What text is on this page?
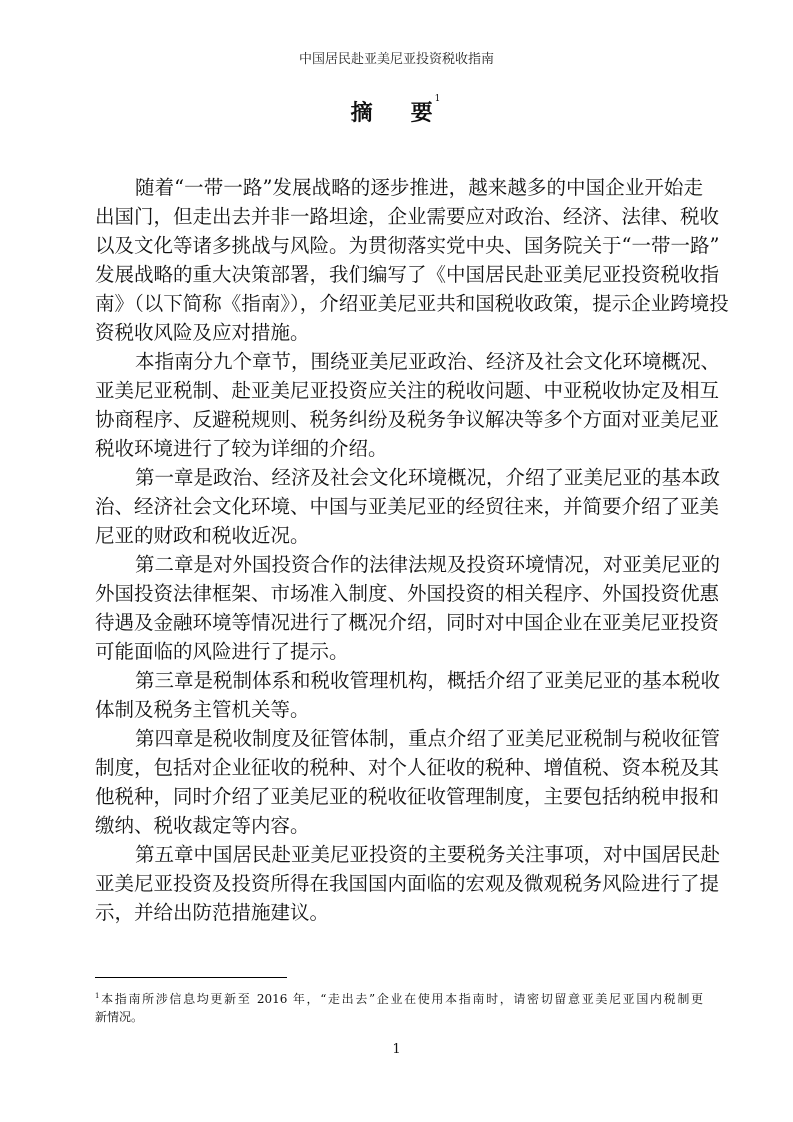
中国居民赴亚美尼亚投资税收指南
摘 要$^1$
随着“一带一路”发展战略的逐步推进，越来越多的中国企业开始走
出国门，但走出去并非一路坦途，企业需要应对政治、经济、法律、税收
以及文化等诸多挑战与风险。为贯彻落实党中央、国务院关于“一带一路”
发展战略的重大决策部署，我们编写了《中国居民赴亚美尼亚投资税收指
南》（以下简称《指南》），介绍亚美尼亚共和国税收政策，提示企业跨境投
资税收风险及应对措施。
本指南分九个章节，围绕亚美尼亚政治、经济及社会文化环境概况、
亚美尼亚税制、赴亚美尼亚投资应关注的税收问题、中亚税收协定及相互
协商程序、反避税规则、税务纠纷及税务争议解决等多个方面对亚美尼亚
税收环境进行了较为详细的介绍。
第一章是政治、经济及社会文化环境概况，介绍了亚美尼亚的基本政
治、经济社会文化环境、中国与亚美尼亚的经贸往来，并简要介绍了亚美
尼亚的财政和税收近况。
第二章是对外国投资合作的法律法规及投资环境情况，对亚美尼亚的
外国投资法律框架、市场准入制度、外国投资的相关程序、外国投资优惠
待遇及金融环境等情况进行了概况介绍，同时对中国企业在亚美尼亚投资
可能面临的风险进行了提示。
第三章是税制体系和税收管理机构，概括介绍了亚美尼亚的基本税收
体制及税务主管机关等。
第四章是税收制度及征管体制，重点介绍了亚美尼亚税制与税收征管
制度，包括对企业征收的税种、对个人征收的税种、增值税、资本税及其
他税种，同时介绍了亚美尼亚的税收征收管理制度，主要包括纳税申报和
缴纳、税收裁定等内容。
第五章中国居民赴亚美尼亚投资的主要税务关注事项，对中国居民赴
亚美尼亚投资及投资所得在我国国内面临的宏观及微观税务风险进行了提
示，并给出防范措施建议。
$^1$本指南所涉信息均更新至 2016 年，“走出去”企业在使用本指南时，请密切留意亚美尼亚国内税制更
新情况。
1
